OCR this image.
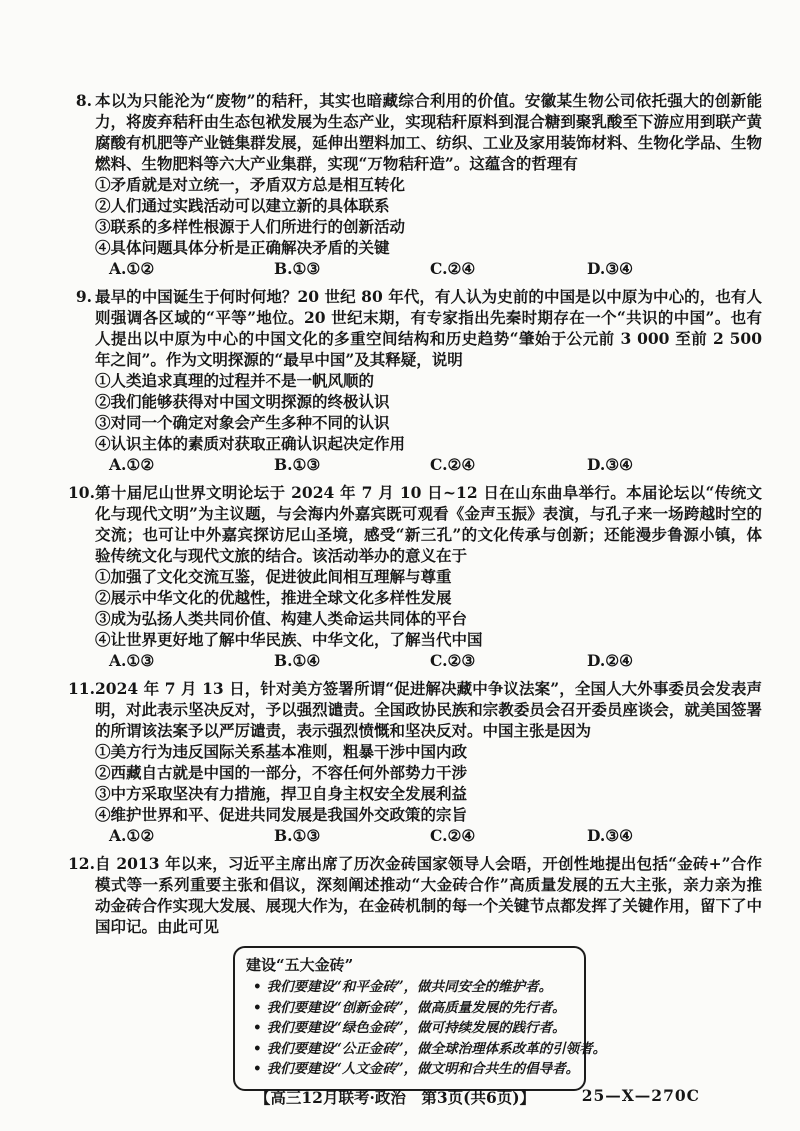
8. 本以为只能沦为“废物”的秸秆，其实也暗藏综合利用的价值。安徽某生物公司依托强大的创新能力，将废弃秸秆由生态包袱发展为生态产业，实现秸秆原料到混合糖到聚乳酸至下游应用到联产黄腐酸有机肥等产业链集群发展，延伸出塑料加工、纺织、工业及家用装饰材料、生物化学品、生物燃料、生物肥料等六大产业集群，实现“万物秸秆造”。这蕴含的哲理有
①矛盾就是对立统一，矛盾双方总是相互转化
②人们通过实践活动可以建立新的具体联系
③联系的多样性根源于人们所进行的创新活动
④具体问题具体分析是正确解决矛盾的关键
A.①②	B.①③	C.②④	D.③④
9. 最早的中国诞生于何时何地？20 世纪 80 年代，有人认为史前的中国是以中原为中心的，也有人则强调各区域的“平等”地位。20 世纪末期，有专家指出先秦时期存在一个“共识的中国”。也有人提出以中原为中心的中国文化的多重空间结构和历史趋势“肇始于公元前 3 000 至前 2 500 年之间”。作为文明探源的“最早中国”及其释疑，说明
①人类追求真理的过程并不是一帆风顺的
②我们能够获得对中国文明探源的终极认识
③对同一个确定对象会产生多种不同的认识
④认识主体的素质对获取正确认识起决定作用
A.①②	B.①③	C.②④	D.③④
10. 第十届尼山世界文明论坛于 2024 年 7 月 10 日~12 日在山东曲阜举行。本届论坛以“传统文化与现代文明”为主议题，与会海内外嘉宾既可观看《金声玉振》表演，与孔子来一场跨越时空的交流；也可让中外嘉宾探访尼山圣境，感受“新三孔”的文化传承与创新；还能漫步鲁源小镇，体验传统文化与现代文旅的结合。该活动举办的意义在于
①加强了文化交流互鉴，促进彼此间相互理解与尊重
②展示中华文化的优越性，推进全球文化多样性发展
③成为弘扬人类共同价值、构建人类命运共同体的平台
④让世界更好地了解中华民族、中华文化，了解当代中国
A.①③	B.①④	C.②③	D.②④
11. 2024 年 7 月 13 日，针对美方签署所谓“促进解决藏中争议法案”，全国人大外事委员会发表声明，对此表示坚决反对，予以强烈谴责。全国政协民族和宗教委员会召开委员座谈会，就美国签署的所谓该法案予以严厉谴责，表示强烈愤慨和坚决反对。中国主张是因为
①美方行为违反国际关系基本准则，粗暴干涉中国内政
②西藏自古就是中国的一部分，不容任何外部势力干涉
③中方采取坚决有力措施，捍卫自身主权安全发展利益
④维护世界和平、促进共同发展是我国外交政策的宗旨
A.①②	B.①③	C.②④	D.③④
12. 自 2013 年以来，习近平主席出席了历次金砖国家领导人会晤，开创性地提出包括“金砖+”合作模式等一系列重要主张和倡议，深刻阐述推动“大金砖合作”高质量发展的五大主张，亲力亲为推动金砖合作实现大发展、展现大作为，在金砖机制的每一个关键节点都发挥了关键作用，留下了中国印记。由此可见
建设“五大金砖”
• 我们要建设“和平金砖”，做共同安全的维护者。
• 我们要建设“创新金砖”，做高质量发展的先行者。
• 我们要建设“绿色金砖”，做可持续发展的践行者。
• 我们要建设“公正金砖”，做全球治理体系改革的引领者。
• 我们要建设“人文金砖”，做文明和合共生的倡导者。
【高三12月联考·政治　第3页(共6页)】	25—X—270C
